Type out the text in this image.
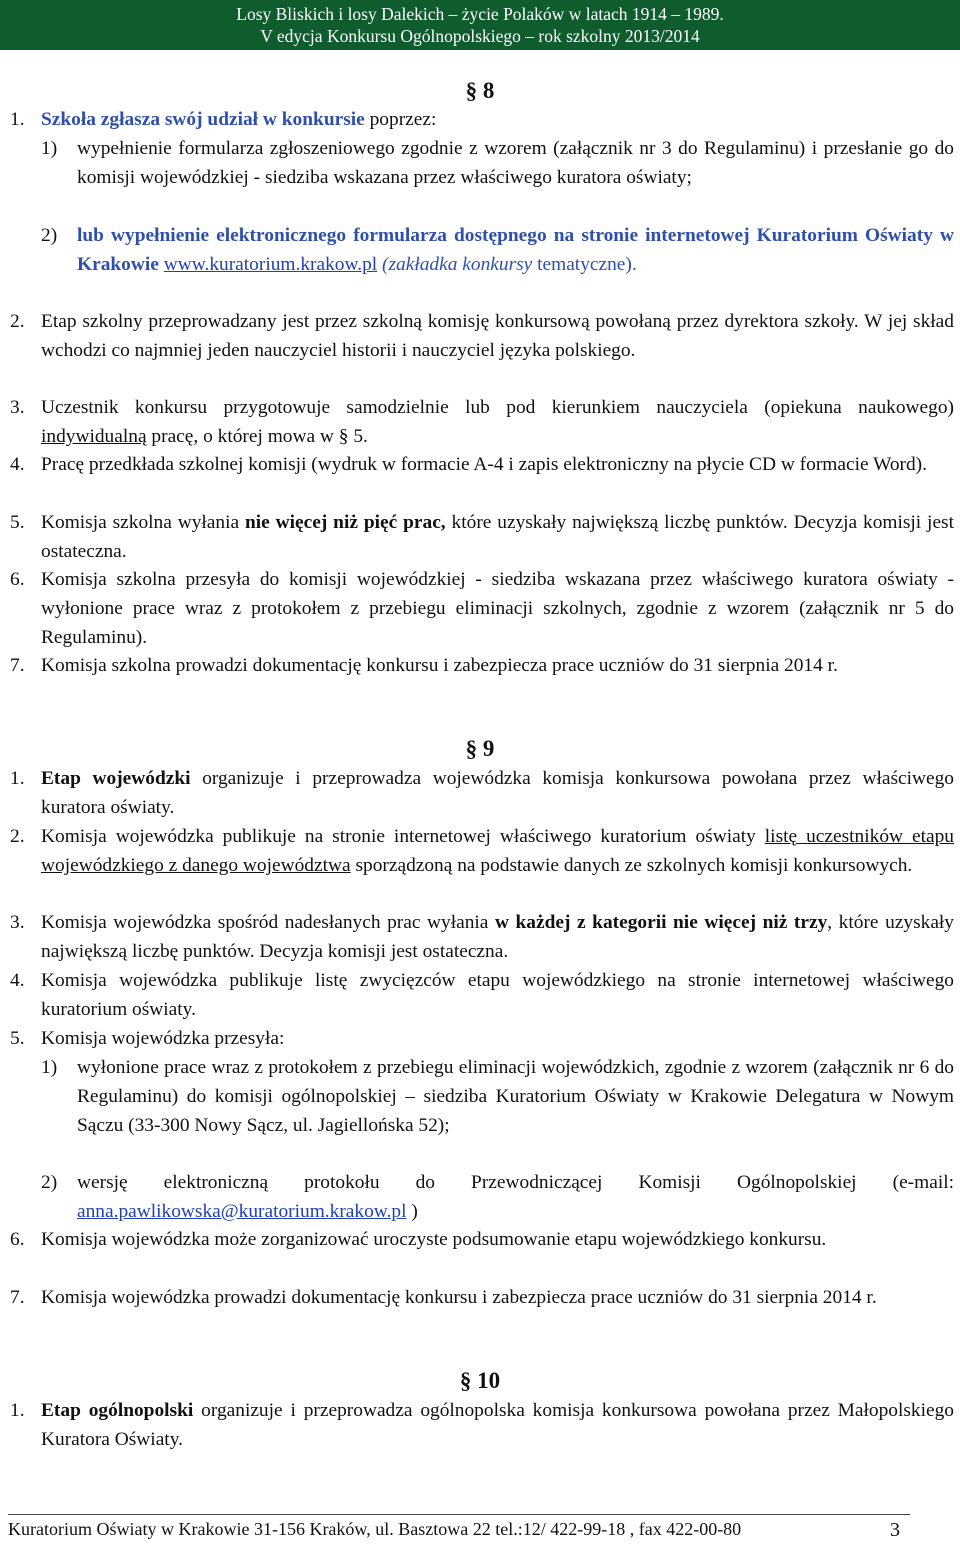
Losy Bliskich i losy Dalekich – życie Polaków w latach 1914 – 1989.
V edycja Konkursu Ogólnopolskiego – rok szkolny 2013/2014
§ 8
1. Szkoła zgłasza swój udział w konkursie poprzez:
1) wypełnienie formularza zgłoszeniowego zgodnie z wzorem (załącznik nr 3 do Regulaminu) i przesłanie go do komisji wojewódzkiej - siedziba wskazana przez właściwego kuratora oświaty;
2) lub wypełnienie elektronicznego formularza dostępnego na stronie internetowej Kuratorium Oświaty w Krakowie www.kuratorium.krakow.pl (zakładka konkursy tematyczne).
2. Etap szkolny przeprowadzany jest przez szkolną komisję konkursową powołaną przez dyrektora szkoły. W jej skład wchodzi co najmniej jeden nauczyciel historii i nauczyciel języka polskiego.
3. Uczestnik konkursu przygotowuje samodzielnie lub pod kierunkiem nauczyciela (opiekuna naukowego) indywidualną pracę, o której mowa w § 5.
4. Pracę przedkłada szkolnej komisji (wydruk w formacie A-4 i zapis elektroniczny na płycie CD w formacie Word).
5. Komisja szkolna wyłania nie więcej niż pięć prac, które uzyskały największą liczbę punktów. Decyzja komisji jest ostateczna.
6. Komisja szkolna przesyła do komisji wojewódzkiej - siedziba wskazana przez właściwego kuratora oświaty - wyłonione prace wraz z protokołem z przebiegu eliminacji szkolnych, zgodnie z wzorem (załącznik nr 5 do Regulaminu).
7. Komisja szkolna prowadzi dokumentację konkursu i zabezpiecza prace uczniów do 31 sierpnia 2014 r.
§ 9
1. Etap wojewódzki organizuje i przeprowadza wojewódzka komisja konkursowa powołana przez właściwego kuratora oświaty.
2. Komisja wojewódzka publikuje na stronie internetowej właściwego kuratorium oświaty listę uczestników etapu wojewódzkiego z danego województwa sporządzoną na podstawie danych ze szkolnych komisji konkursowych.
3. Komisja wojewódzka spośród nadesłanych prac wyłania w każdej z kategorii nie więcej niż trzy, które uzyskały największą liczbę punktów. Decyzja komisji jest ostateczna.
4. Komisja wojewódzka publikuje listę zwycięzców etapu wojewódzkiego na stronie internetowej właściwego kuratorium oświaty.
5. Komisja wojewódzka przesyła:
1) wyłonione prace wraz z protokołem z przebiegu eliminacji wojewódzkich, zgodnie z wzorem (załącznik nr 6 do Regulaminu) do komisji ogólnopolskiej – siedziba Kuratorium Oświaty w Krakowie Delegatura w Nowym Sączu (33-300 Nowy Sącz, ul. Jagiellońska 52);
2) wersję elektroniczną protokołu do Przewodniczącej Komisji Ogólnopolskiej (e-mail: anna.pawlikowska@kuratorium.krakow.pl )
6. Komisja wojewódzka może zorganizować uroczyste podsumowanie etapu wojewódzkiego konkursu.
7. Komisja wojewódzka prowadzi dokumentację konkursu i zabezpiecza prace uczniów do 31 sierpnia 2014 r.
§ 10
1. Etap ogólnopolski organizuje i przeprowadza ogólnopolska komisja konkursowa powołana przez Małopolskiego Kuratora Oświaty.
Kuratorium Oświaty w Krakowie 31-156 Kraków, ul. Basztowa 22 tel.:12/ 422-99-18 , fax 422-00-80	3
